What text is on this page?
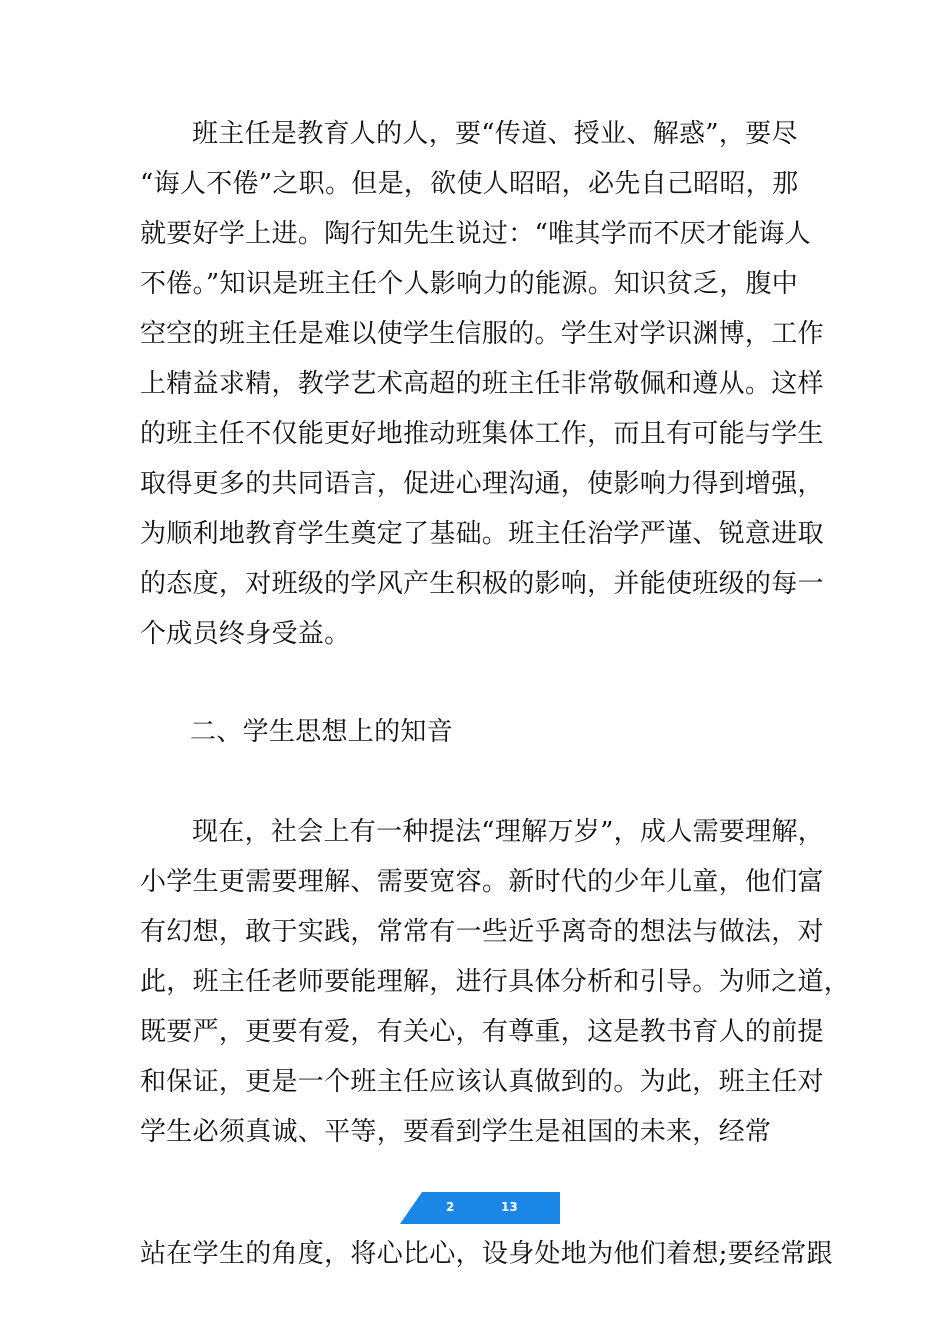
班主任是教育人的人，要“传道、授业、解惑”，要尽
“诲人不倦”之职。但是，欲使人昭昭，必先自己昭昭，那
就要好学上进。陶行知先生说过：“唯其学而不厌才能诲人
不倦。”知识是班主任个人影响力的能源。知识贫乏，腹中
空空的班主任是难以使学生信服的。学生对学识渊博，工作
上精益求精，教学艺术高超的班主任非常敬佩和遵从。这样
的班主任不仅能更好地推动班集体工作，而且有可能与学生
取得更多的共同语言，促进心理沟通，使影响力得到增强，
为顺利地教育学生奠定了基础。班主任治学严谨、锐意进取
的态度，对班级的学风产生积极的影响，并能使班级的每一
个成员终身受益。
二、学生思想上的知音
现在，社会上有一种提法“理解万岁”，成人需要理解，
小学生更需要理解、需要宽容。新时代的少年儿童，他们富
有幻想，敢于实践，常常有一些近乎离奇的想法与做法，对
此，班主任老师要能理解，进行具体分析和引导。为师之道，
既要严，更要有爱，有关心，有尊重，这是教书育人的前提
和保证，更是一个班主任应该认真做到的。为此，班主任对
学生必须真诚、平等，要看到学生是祖国的未来，经常
2	13
站在学生的角度，将心比心，设身处地为他们着想;要经常跟
